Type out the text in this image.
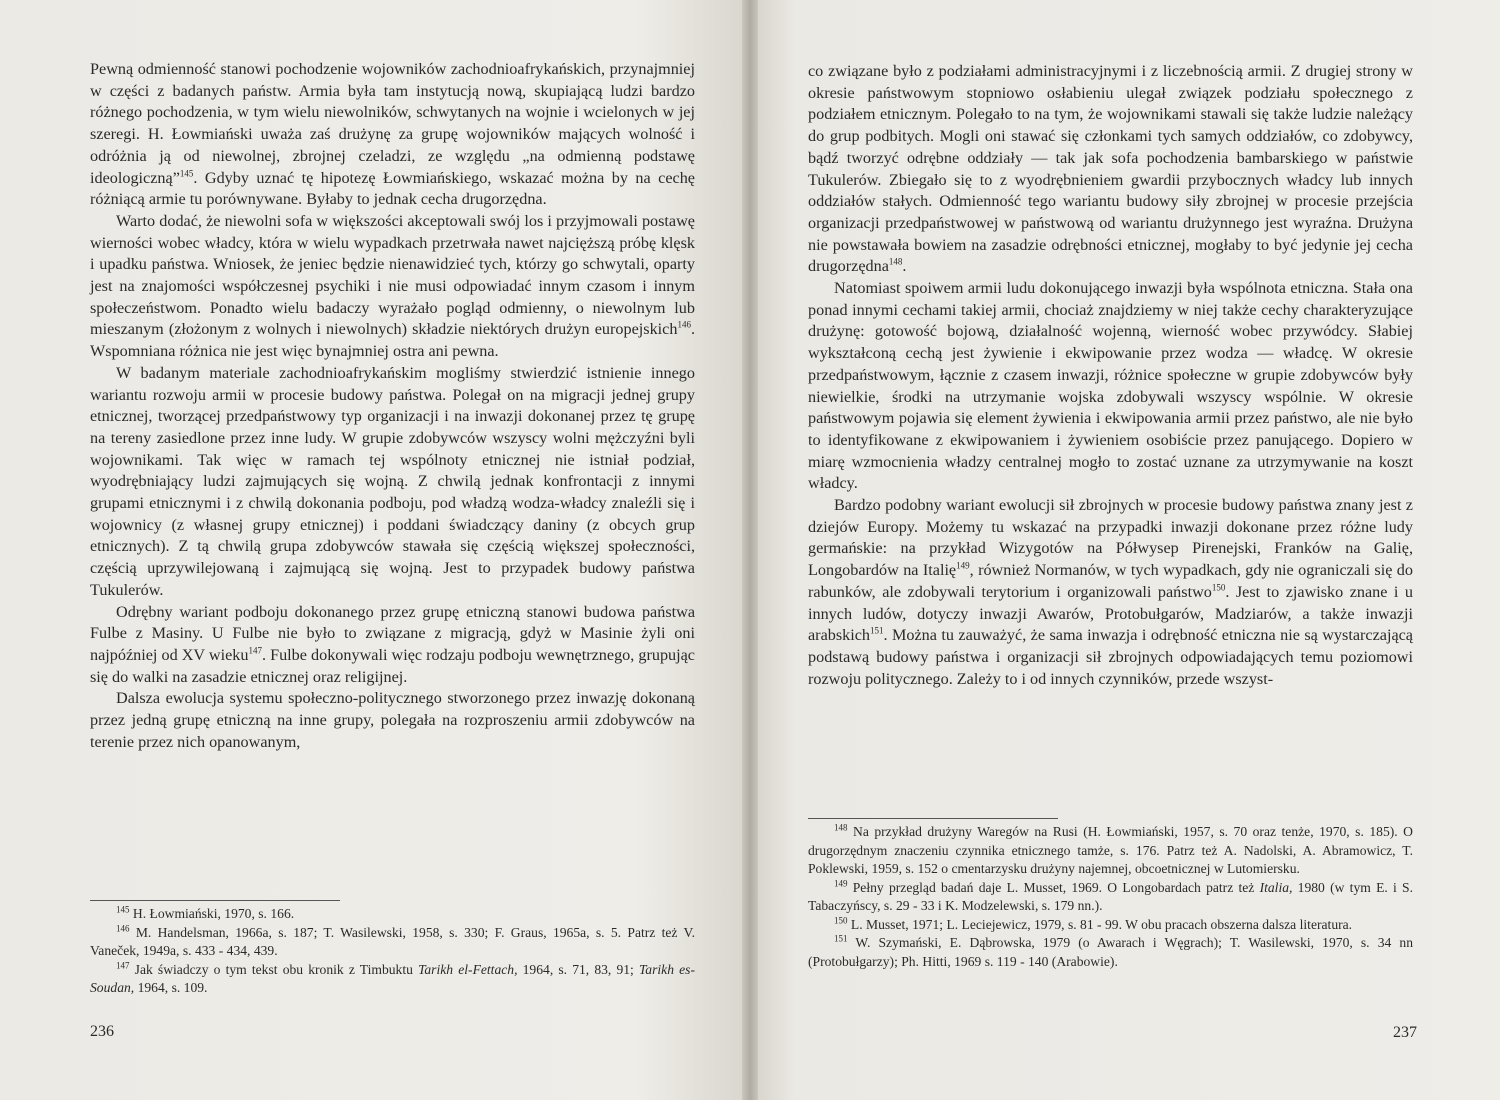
Pewną odmienność stanowi pochodzenie wojowników zachodnioafrykańskich, przynajmniej w części z badanych państw. Armia była tam instytucją nową, skupiającą ludzi bardzo różnego pochodzenia, w tym wielu niewolników, schwytanych na wojnie i wcielonych w jej szeregi. H. Łowmiański uważa zaś drużynę za grupę wojowników mających wolność i odróżnia ją od niewolnej, zbrojnej czeladzi, ze względu „na odmienną podstawę ideologiczną”$^{145}$. Gdyby uznać tę hipotezę Łowmiańskiego, wskazać można by na cechę różniącą armie tu porównywane. Byłaby to jednak cecha drugorzędna.

Warto dodać, że niewolni sofa w większości akceptowali swój los i przyjmowali postawę wierności wobec władcy, która w wielu wypadkach przetrwała nawet najcięższą próbę klęsk i upadku państwa. Wniosek, że jeniec będzie nienawidzieć tych, którzy go schwytali, oparty jest na znajomości współczesnej psychiki i nie musi odpowiadać innym czasom i innym społeczeństwom. Ponadto wielu badaczy wyrażało pogląd odmienny, o niewolnym lub mieszanym (złożonym z wolnych i niewolnych) składzie niektórych drużyn europejskich$^{146}$. Wspomniana różnica nie jest więc bynajmniej ostra ani pewna.

W badanym materiale zachodnioafrykańskim mogliśmy stwierdzić istnienie innego wariantu rozwoju armii w procesie budowy państwa. Polegał on na migracji jednej grupy etnicznej, tworzącej przedpaństwowy typ organizacji i na inwazji dokonanej przez tę grupę na tereny zasiedlone przez inne ludy. W grupie zdobywców wszyscy wolni mężczyźni byli wojownikami. Tak więc w ramach tej wspólnoty etnicznej nie istniał podział, wyodrębniający ludzi zajmujących się wojną. Z chwilą jednak konfrontacji z innymi grupami etnicznymi i z chwilą dokonania podboju, pod władzą wodza-władcy znaleźli się i wojownicy (z własnej grupy etnicznej) i poddani świadczący daniny (z obcych grup etnicznych). Z tą chwilą grupa zdobywców stawała się częścią większej społeczności, częścią uprzywilejowaną i zajmującą się wojną. Jest to przypadek budowy państwa Tukulerów.

Odrębny wariant podboju dokonanego przez grupę etniczną stanowi budowa państwa Fulbe z Masiny. U Fulbe nie było to związane z migracją, gdyż w Masinie żyli oni najpóźniej od XV wieku$^{147}$. Fulbe dokonywali więc rodzaju podboju wewnętrznego, grupując się do walki na zasadzie etnicznej oraz religijnej.

Dalsza ewolucja systemu społeczno-politycznego stworzonego przez inwazję dokonaną przez jedną grupę etniczną na inne grupy, polegała na rozproszeniu armii zdobywców na terenie przez nich opanowanym,

$^{145}$ H. Łowmiański, 1970, s. 166.

$^{146}$ M. Handelsman, 1966a, s. 187; T. Wasilewski, 1958, s. 330; F. Graus, 1965a, s. 5. Patrz też V. Vaneček, 1949a, s. 433 - 434, 439.

$^{147}$ Jak świadczy o tym tekst obu kronik z Timbuktu Tarikh el-Fettach, 1964, s. 71, 83, 91; Tarikh es-Soudan, 1964, s. 109.

236

co związane było z podziałami administracyjnymi i z liczebnością armii. Z drugiej strony w okresie państwowym stopniowo osłabieniu ulegał związek podziału społecznego z podziałem etnicznym. Polegało to na tym, że wojownikami stawali się także ludzie należący do grup podbitych. Mogli oni stawać się członkami tych samych oddziałów, co zdobywcy, bądź tworzyć odrębne oddziały — tak jak sofa pochodzenia bambarskiego w państwie Tukulerów. Zbiegało się to z wyodrębnieniem gwardii przybocznych władcy lub innych oddziałów stałych. Odmienność tego wariantu budowy siły zbrojnej w procesie przejścia organizacji przedpaństwowej w państwową od wariantu drużynnego jest wyraźna. Drużyna nie powstawała bowiem na zasadzie odrębności etnicznej, mogłaby to być jedynie jej cecha drugorzędna$^{148}$.

Natomiast spoiwem armii ludu dokonującego inwazji była wspólnota etniczna. Stała ona ponad innymi cechami takiej armii, chociaż znajdziemy w niej także cechy charakteryzujące drużynę: gotowość bojową, działalność wojenną, wierność wobec przywódcy. Słabiej wykształconą cechą jest żywienie i ekwipowanie przez wodza — władcę. W okresie przedpaństwowym, łącznie z czasem inwazji, różnice społeczne w grupie zdobywców były niewielkie, środki na utrzymanie wojska zdobywali wszyscy wspólnie. W okresie państwowym pojawia się element żywienia i ekwipowania armii przez państwo, ale nie było to identyfikowane z ekwipowaniem i żywieniem osobiście przez panującego. Dopiero w miarę wzmocnienia władzy centralnej mogło to zostać uznane za utrzymywanie na koszt władcy.

Bardzo podobny wariant ewolucji sił zbrojnych w procesie budowy państwa znany jest z dziejów Europy. Możemy tu wskazać na przypadki inwazji dokonane przez różne ludy germańskie: na przykład Wizygotów na Półwysep Pirenejski, Franków na Galię, Longobardów na Italię$^{149}$, również Normanów, w tych wypadkach, gdy nie ograniczali się do rabunków, ale zdobywali terytorium i organizowali państwo$^{150}$. Jest to zjawisko znane i u innych ludów, dotyczy inwazji Awarów, Protobułgarów, Madziarów, a także inwazji arabskich$^{151}$. Można tu zauważyć, że sama inwazja i odrębność etniczna nie są wystarczającą podstawą budowy państwa i organizacji sił zbrojnych odpowiadających temu poziomowi rozwoju politycznego. Zależy to i od innych czynników, przede wszyst-

$^{148}$ Na przykład drużyny Waregów na Rusi (H. Łowmiański, 1957, s. 70 oraz tenże, 1970, s. 185). O drugorzędnym znaczeniu czynnika etnicznego tamże, s. 176. Patrz też A. Nadolski, A. Abramowicz, T. Poklewski, 1959, s. 152 o cmentarzysku drużyny najemnej, obcoetnicznej w Lutomiersku.

$^{149}$ Pełny przegląd badań daje L. Musset, 1969. O Longobardach patrz też Italia, 1980 (w tym E. i S. Tabaczyńscy, s. 29 - 33 i K. Modzelewski, s. 179 nn.).

$^{150}$ L. Musset, 1971; L. Leciejewicz, 1979, s. 81 - 99. W obu pracach obszerna dalsza literatura.

$^{151}$ W. Szymański, E. Dąbrowska, 1979 (o Awarach i Węgrach); T. Wasilewski, 1970, s. 34 nn (Protobułgarzy); Ph. Hitti, 1969 s. 119 - 140 (Arabowie).

237
